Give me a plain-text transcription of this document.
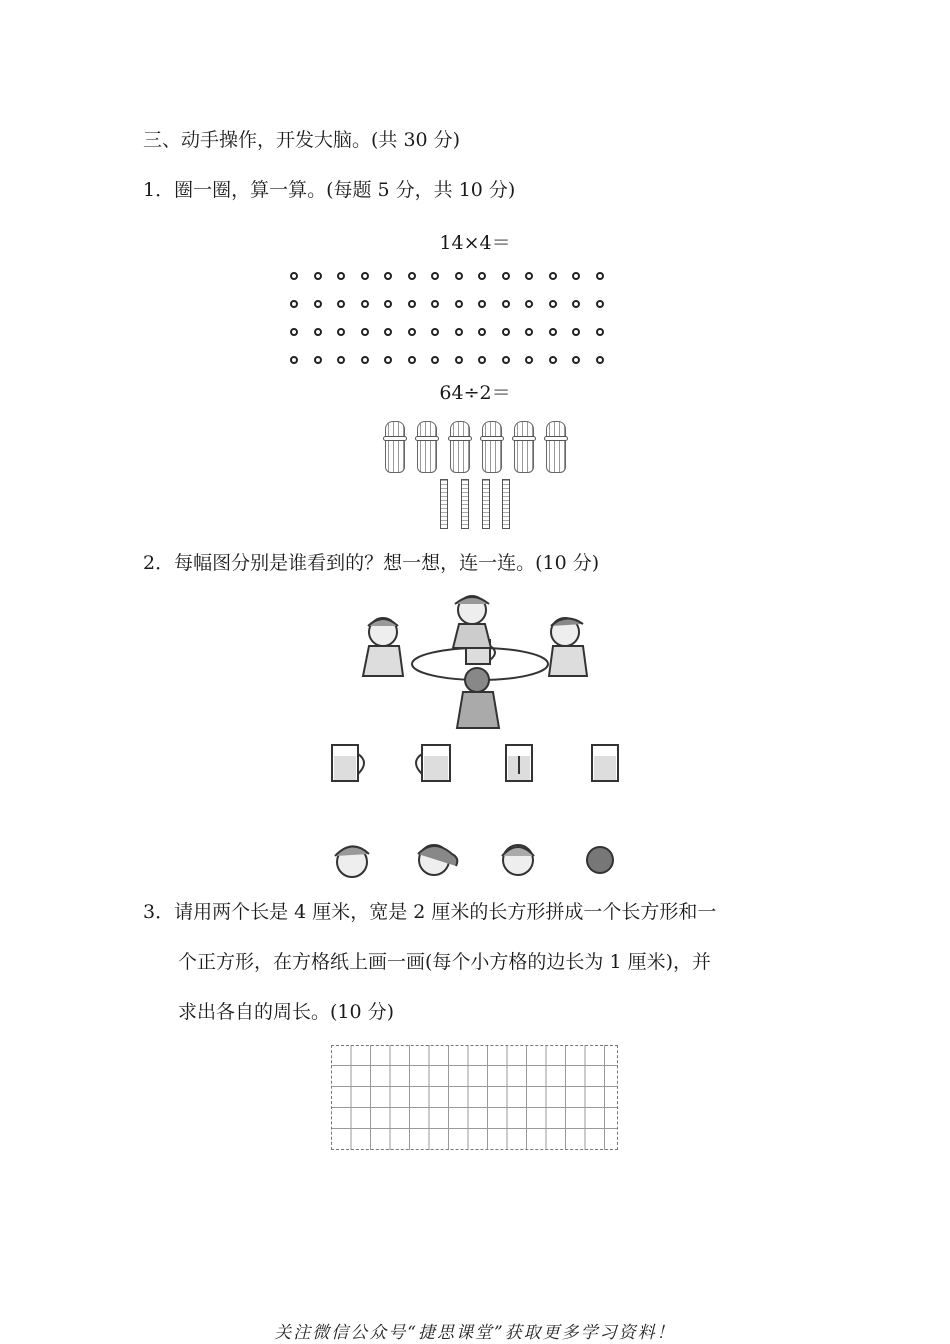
三、动手操作，开发大脑。(共 30 分)
1．圈一圈，算一算。(每题 5 分，共 10 分)
14×4＝
64÷2＝
2．每幅图分别是谁看到的？想一想，连一连。(10 分)
3．请用两个长是 4 厘米，宽是 2 厘米的长方形拼成一个长方形和一
个正方形，在方格纸上画一画(每个小方格的边长为 1 厘米)，并
求出各自的周长。(10 分)
关注微信公众号“捷思课堂”获取更多学习资料！
